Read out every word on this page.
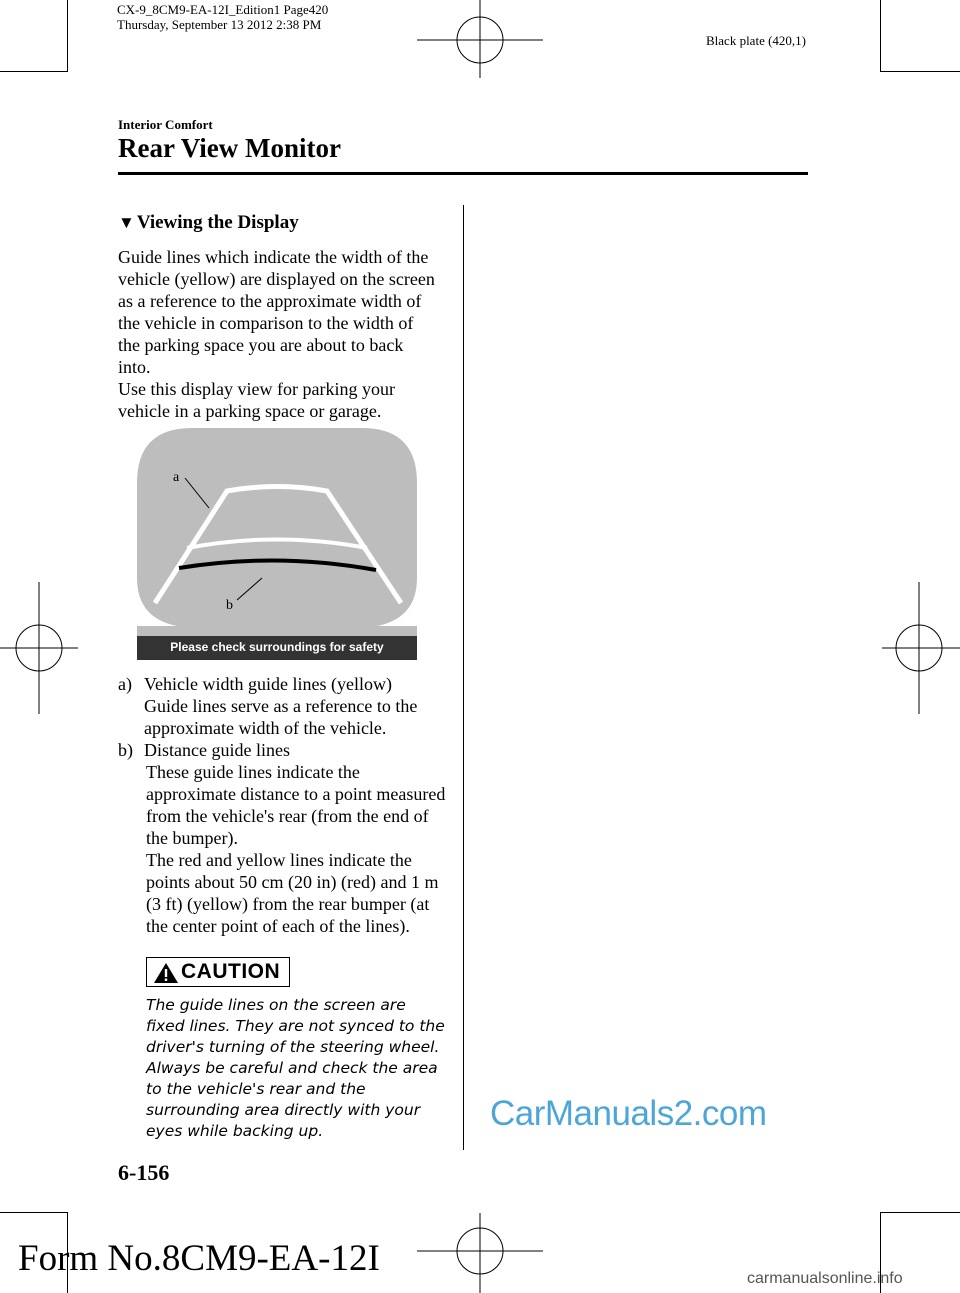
CX-9_8CM9-EA-12I_Edition1 Page420
Thursday, September 13 2012 2:38 PM
Black plate (420,1)
Interior Comfort
Rear View Monitor
▼ Viewing the Display

Guide lines which indicate the width of the vehicle (yellow) are displayed on the screen as a reference to the approximate width of the vehicle in comparison to the width of the parking space you are about to back into.

Use this display view for parking your vehicle in a parking space or garage.

a
b
Please check surroundings for safety
a) Vehicle width guide lines (yellow)
Guide lines serve as a reference to the approximate width of the vehicle.
b) Distance guide lines
These guide lines indicate the approximate distance to a point measured from the vehicle's rear (from the end of the bumper).
The red and yellow lines indicate the points about 50 cm (20 in) (red) and 1 m (3 ft) (yellow) from the rear bumper (at the center point of each of the lines).
CAUTION
The guide lines on the screen are fixed lines. They are not synced to the driver's turning of the steering wheel. Always be careful and check the area to the vehicle's rear and the surrounding area directly with your eyes while backing up.	CarManuals2.com
6-156
Form No.8CM9-EA-12I	carmanualsonline.info
